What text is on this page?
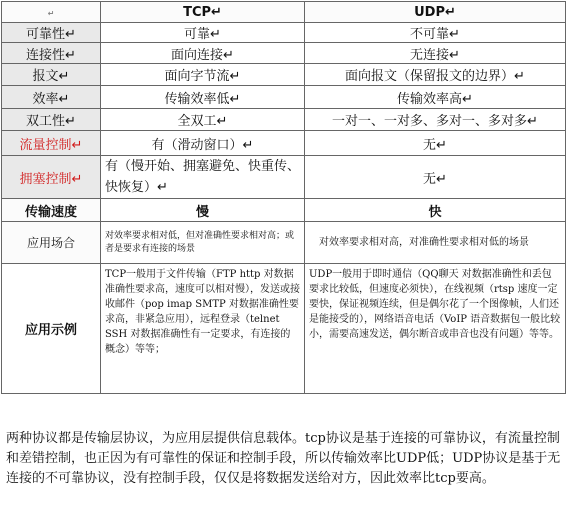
↵	TCP↵	UDP↵
可靠性↵	可靠↵	不可靠↵
连接性↵	面向连接↵	无连接↵
报文↵	面向字节流↵	面向报文（保留报文的边界）↵
效率↵	传输效率低↵	传输效率高↵
双工性↵	全双工↵	一对一、一对多、多对一、多对多↵
流量控制↵	有（滑动窗口）↵	无↵
拥塞控制↵	有（慢开始、拥塞避免、快重传、快恢复）↵	无↵
传输速度	慢	快
应用场合	对效率要求相对低，但对准确性要求相对高；或者是要求有连接的场景	对效率要求相对高，对准确性要求相对低的场景
应用示例	TCP一般用于文件传输（FTP http 对数据准确性要求高，速度可以相对慢），发送或接收邮件（pop imap SMTP 对数据准确性要求高，非紧急应用），远程登录（telnet SSH 对数据准确性有一定要求，有连接的概念）等等；	UDP一般用于即时通信（QQ聊天 对数据准确性和丢包要求比较低，但速度必须快），在线视频（rtsp 速度一定要快，保证视频连续，但是偶尔花了一个图像帧，人们还是能接受的），网络语音电话（VoIP 语音数据包一般比较小，需要高速发送，偶尔断音或串音也没有问题）等等。

两种协议都是传输层协议，为应用层提供信息载体。tcp协议是基于连接的可靠协议，有流量控制和差错控制，也正因为有可靠性的保证和控制手段，所以传输效率比UDP低；UDP协议是基于无连接的不可靠协议，没有控制手段，仅仅是将数据发送给对方，因此效率比tcp要高。
